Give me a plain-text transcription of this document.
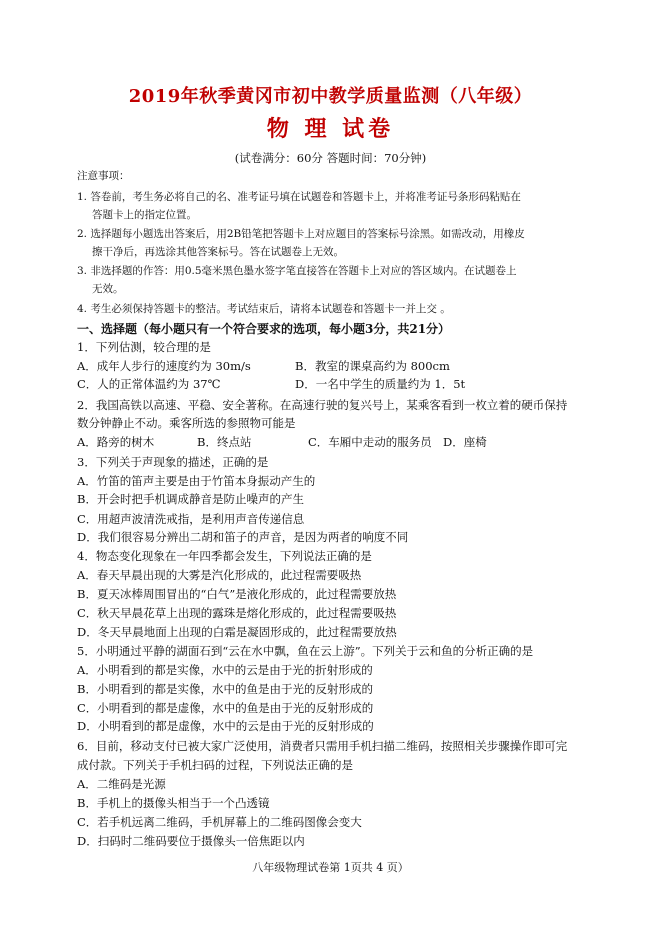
2019年秋季黄冈市初中教学质量监测（八年级）
物 理 试卷
(试卷满分：60分 答题时间：70分钟)
注意事项：
1. 答卷前，考生务必将自己的名、准考证号填在试题卷和答题卡上，并将准考证号条形码粘贴在
答题卡上的指定位置。
2. 选择题每小题选出答案后，用2B铅笔把答题卡上对应题目的答案标号涂黑。如需改动，用橡皮
擦干净后，再选涂其他答案标号。答在试题卷上无效。
3. 非选择题的作答：用0.5毫米黑色墨水签字笔直接答在答题卡上对应的答区域内。在试题卷上
无效。
4. 考生必须保持答题卡的整洁。考试结束后，请将本试题卷和答题卡一并上交 。
一、选择题（每小题只有一个符合要求的选项，每小题3分，共21分）
1．下列估测，较合理的是
A．成年人步行的速度约为 30m/s	B．教室的课桌高约为 800cm
C．人的正常体温约为 37℃	D．一名中学生的质量约为 1．5t
2．我国高铁以高速、平稳、安全著称。在高速行驶的复兴号上，某乘客看到一枚立着的硬币保持
数分钟静止不动。乘客所选的参照物可能是
A．路旁的树木	B．终点站	C．车厢中走动的服务员 D．座椅
3．下列关于声现象的描述，正确的是
A．竹笛的笛声主要是由于竹笛本身振动产生的
B．开会时把手机调成静音是防止噪声的产生
C．用超声波清洗戒指，是利用声音传递信息
D．我们很容易分辨出二胡和笛子的声音，是因为两者的响度不同
4．物态变化现象在一年四季都会发生，下列说法正确的是
A．春天早晨出现的大雾是汽化形成的，此过程需要吸热
B．夏天冰棒周围冒出的“白气”是液化形成的，此过程需要放热
C．秋天早晨花草上出现的露珠是熔化形成的，此过程需要吸热
D．冬天早晨地面上出现的白霜是凝固形成的，此过程需要放热
5．小明通过平静的湖面石到“云在水中飘，鱼在云上游”。下列关于云和鱼的分析正确的是
A．小明看到的都是实像，水中的云是由于光的折射形成的
B．小明看到的都是实像，水中的鱼是由于光的反射形成的
C．小明看到的都是虚像，水中的鱼是由于光的反射形成的
D．小明看到的都是虚像，水中的云是由于光的反射形成的
6．目前，移动支付已被大家广泛使用，消费者只需用手机扫描二维码，按照相关步骤操作即可完
成付款。下列关于手机扫码的过程，下列说法正确的是
A．二维码是光源
B．手机上的摄像头相当于一个凸透镜
C．若手机远离二维码，手机屏幕上的二维码图像会变大
D．扫码时二维码要位于摄像头一倍焦距以内
八年级物理试卷第 1页共 4 页）
